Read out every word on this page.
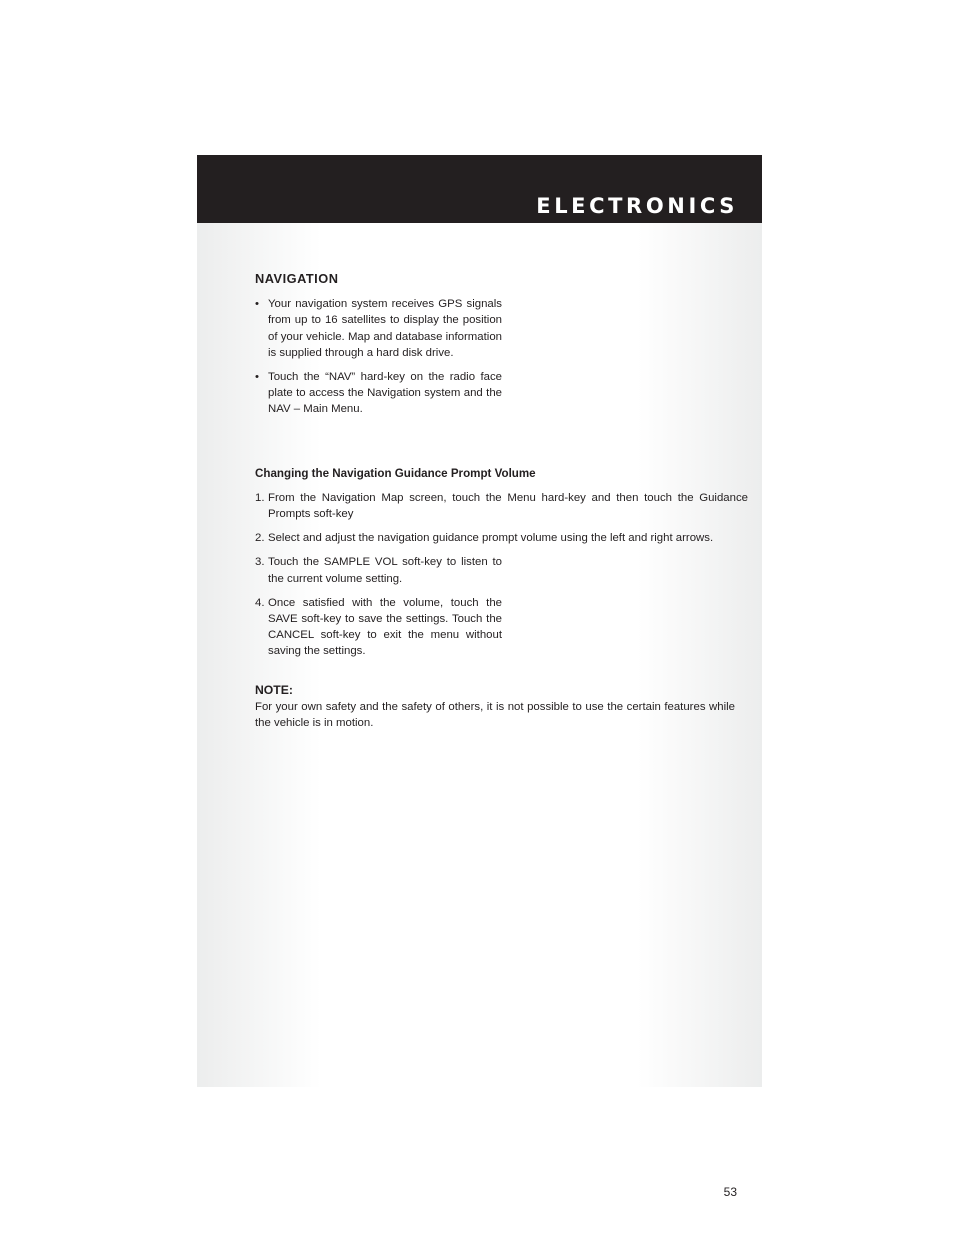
ELECTRONICS
NAVIGATION
• Your navigation system receives GPS signals from up to 16 satellites to display the position of your vehicle. Map and database information is supplied through a hard disk drive.
• Touch the “NAV” hard-key on the radio face plate to access the Navigation system and the NAV – Main Menu.
Changing the Navigation Guidance Prompt Volume
1. From the Navigation Map screen, touch the Menu hard-key and then touch the Guidance Prompts soft-key
2. Select and adjust the navigation guidance prompt volume using the left and right arrows.
3. Touch the SAMPLE VOL soft-key to listen to the current volume setting.
4. Once satisfied with the volume, touch the SAVE soft-key to save the settings. Touch the CANCEL soft-key to exit the menu without saving the settings.
NOTE:
For your own safety and the safety of others, it is not possible to use the certain features while the vehicle is in motion.
53
